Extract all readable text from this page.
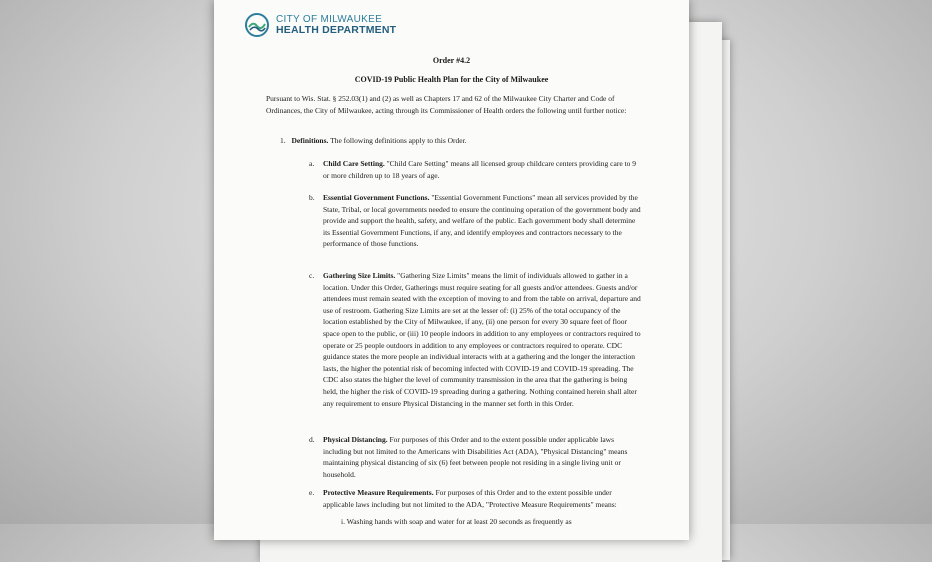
CITY OF MILWAUKEE
HEALTH DEPARTMENT
Order #4.2
COVID-19 Public Health Plan for the City of Milwaukee

Pursuant to Wis. Stat. § 252.03(1) and (2) as well as Chapters 17 and 62 of the Milwaukee City Charter and Code of Ordinances, the City of Milwaukee, acting through its Commissioner of Health orders the following until further notice:

1. Definitions. The following definitions apply to this Order.

a.	Child Care Setting. "Child Care Setting" means all licensed group childcare centers providing care to 9 or more children up to 18 years of age.
b.	Essential Government Functions. "Essential Government Functions" mean all services provided by the State, Tribal, or local governments needed to ensure the continuing operation of the government body and provide and support the health, safety, and welfare of the public. Each government body shall determine its Essential Government Functions, if any, and identify employees and contractors necessary to the performance of those functions.
c.	Gathering Size Limits. "Gathering Size Limits" means the limit of individuals allowed to gather in a location. Under this Order, Gatherings must require seating for all guests and/or attendees. Guests and/or attendees must remain seated with the exception of moving to and from the table on arrival, departure and use of restroom. Gathering Size Limits are set at the lesser of: (i) 25% of the total occupancy of the location established by the City of Milwaukee, if any, (ii) one person for every 30 square feet of floor space open to the public, or (iii) 10 people indoors in addition to any employees or contractors required to operate or 25 people outdoors in addition to any employees or contractors required to operate. CDC guidance states the more people an individual interacts with at a gathering and the longer the interaction lasts, the higher the potential risk of becoming infected with COVID-19 and COVID-19 spreading. The CDC also states the higher the level of community transmission in the area that the gathering is being held, the higher the risk of COVID-19 spreading during a gathering. Nothing contained herein shall alter any requirement to ensure Physical Distancing in the manner set forth in this Order.
d.	Physical Distancing. For purposes of this Order and to the extent possible under applicable laws including but not limited to the Americans with Disabilities Act (ADA), "Physical Distancing" means maintaining physical distancing of six (6) feet between people not residing in a single living unit or household.
e.	Protective Measure Requirements. For purposes of this Order and to the extent possible under applicable laws including but not limited to the ADA, "Protective Measure Requirements" means:

i. Washing hands with soap and water for at least 20 seconds as frequently as
